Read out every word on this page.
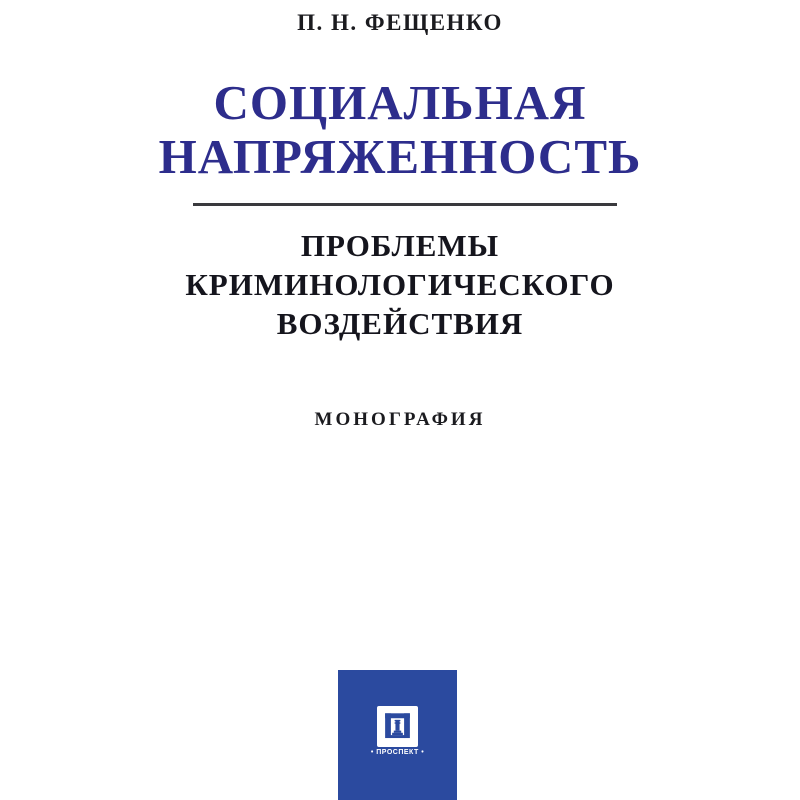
П. Н. ФЕЩЕНКО
СОЦИАЛЬНАЯ
НАПРЯЖЕННОСТЬ
ПРОБЛЕМЫ
КРИМИНОЛОГИЧЕСКОГО
ВОЗДЕЙСТВИЯ
МОНОГРАФИЯ
• ПРОСПЕКТ •
